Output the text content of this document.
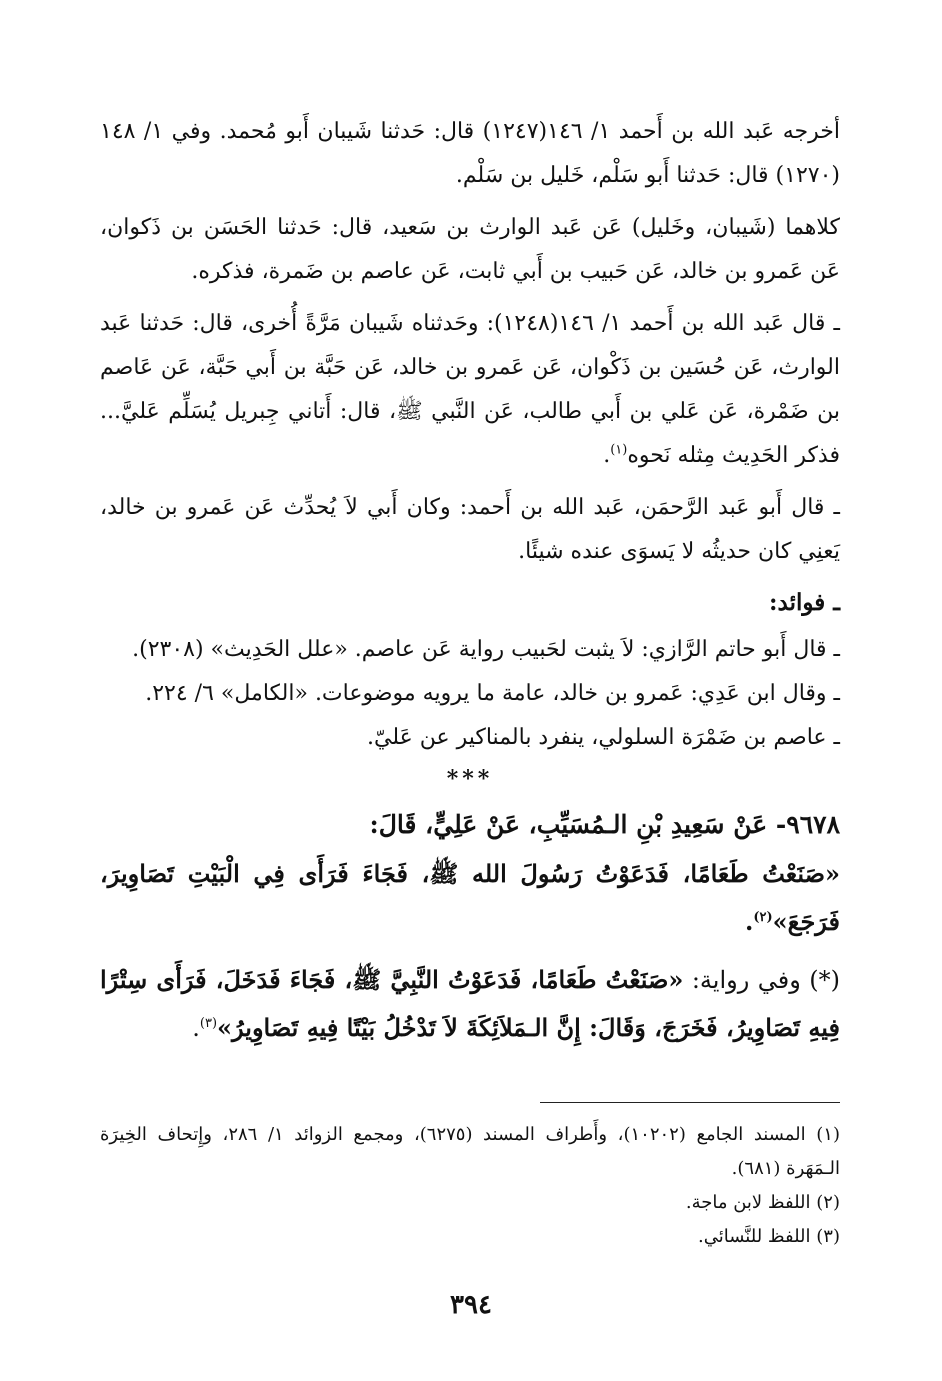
أخرجه عَبد الله بن أَحمد ١/ ١٤٦(١٢٤٧) قال: حَدثنا شَيبان أَبو مُحمد. وفي ١/ ١٤٨ (١٢٧٠) قال: حَدثنا أَبو سَلْم، خَليل بن سَلْم.

كلاهما (شَيبان، وخَليل) عَن عَبد الوارث بن سَعيد، قال: حَدثنا الحَسَن بن ذَكوان، عَن عَمرو بن خالد، عَن حَبيب بن أَبي ثابت، عَن عاصم بن ضَمرة، فذكره.

ـ قال عَبد الله بن أَحمد ١/ ١٤٦(١٢٤٨): وحَدثناه شَيبان مَرَّةً أُخرى، قال: حَدثنا عَبد الوارث، عَن حُسَين بن ذَكْوان، عَن عَمرو بن خالد، عَن حَبَّة بن أَبي حَبَّة، عَن عَاصم بن ضَمْرة، عَن عَلي بن أَبي طالب، عَن النَّبي ﷺ، قال: أَتاني جِبريل يُسَلِّم عَليَّ... فذكر الحَدِيث مِثله نَحوه$^{(١)}$.

ـ قال أَبو عَبد الرَّحمَن، عَبد الله بن أَحمد: وكان أَبي لاَ يُحدِّث عَن عَمرو بن خالد، يَعنِي كان حديثُه لا يَسوَى عنده شيئًا.

ـ فوائد:

ـ قال أَبو حاتم الرَّازي: لاَ يثبت لحَبيب رواية عَن عاصم. «علل الحَدِيث» (٢٣٠٨).

ـ وقال ابن عَدِي: عَمرو بن خالد، عامة ما يرويه موضوعات. «الكامل» ٦/ ٢٢٤.

ـ عاصم بن ضَمْرَة السلولي، ينفرد بالمناكير عن عَليّ.

***
٩٦٧٨- عَنْ سَعِيدِ بْنِ الـمُسَيِّبِ، عَنْ عَلِيٍّ، قَالَ:

«صَنَعْتُ طَعَامًا، فَدَعَوْتُ رَسُولَ الله ﷺ، فَجَاءَ فَرَأَى فِي الْبَيْتِ تَصَاوِيرَ، فَرَجَعَ»$^{(٢)}$.

(*) وفي رواية: «صَنَعْتُ طَعَامًا، فَدَعَوْتُ النَّبِيَّ ﷺ، فَجَاءَ فَدَخَلَ، فَرَأَى سِتْرًا فِيهِ تَصَاوِيرُ، فَخَرَجَ، وَقَالَ: إِنَّ الـمَلاَئِكَةَ لاَ تَدْخُلُ بَيْتًا فِيهِ تَصَاوِيرُ»$^{(٣)}$.

(١) المسند الجامع (١٠٢٠٢)، وأَطراف المسند (٦٢٧٥)، ومجمع الزوائد ١/ ٢٨٦، وإِتحاف الخِيرَة الـمَهَرة (٦٨١).

(٢) اللفظ لابن ماجة.

(٣) اللفظ للنَّسائي.

٣٩٤
